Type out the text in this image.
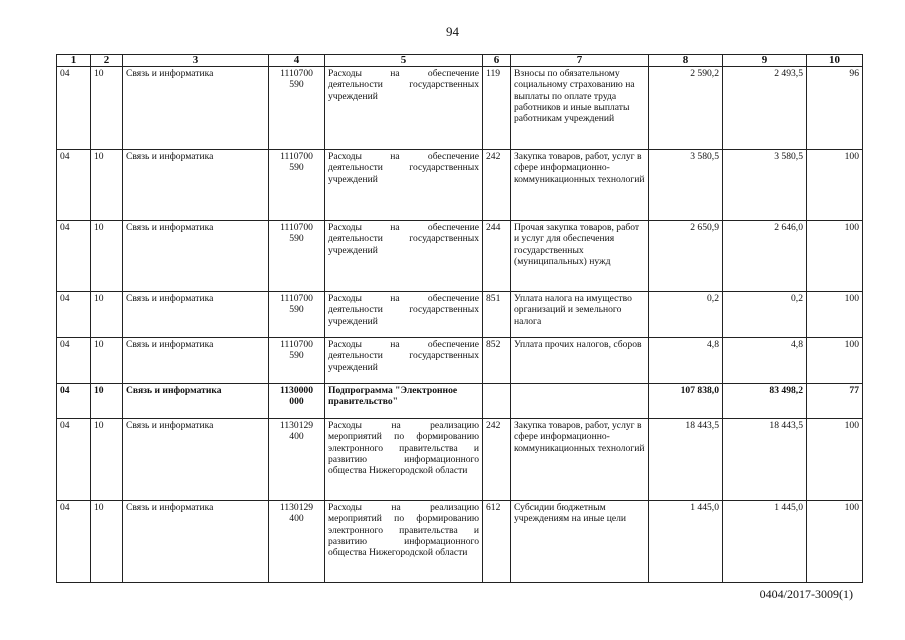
94
1	2	3	4	5	6	7	8	9	10
04	10	Связь и информатика	1110700 590	Расходы на обеспечение деятельности государственных учреждений	119	Взносы по обязательному социальному страхованию на выплаты по оплате труда работников и иные выплаты работникам учреждений	2 590,2	2 493,5	96
04	10	Связь и информатика	1110700 590	Расходы на обеспечение деятельности государственных учреждений	242	Закупка товаров, работ, услуг в сфере информационно-коммуникационных технологий	3 580,5	3 580,5	100
04	10	Связь и информатика	1110700 590	Расходы на обеспечение деятельности государственных учреждений	244	Прочая закупка товаров, работ и услуг для обеспечения государственных (муниципальных) нужд	2 650,9	2 646,0	100
04	10	Связь и информатика	1110700 590	Расходы на обеспечение деятельности государственных учреждений	851	Уплата налога на имущество организаций и земельного налога	0,2	0,2	100
04	10	Связь и информатика	1110700 590	Расходы на обеспечение деятельности государственных учреждений	852	Уплата прочих налогов, сборов	4,8	4,8	100
04	10	Связь и информатика	1130000 000	Подпрограмма "Электронное правительство"			107 838,0	83 498,2	77
04	10	Связь и информатика	1130129 400	Расходы на реализацию мероприятий по формированию электронного правительства и развитию информационного общества Нижегородской области	242	Закупка товаров, работ, услуг в сфере информационно-коммуникационных технологий	18 443,5	18 443,5	100
04	10	Связь и информатика	1130129 400	Расходы на реализацию мероприятий по формированию электронного правительства и развитию информационного общества Нижегородской области	612	Субсидии бюджетным учреждениям на иные цели	1 445,0	1 445,0	100
0404/2017-3009(1)
